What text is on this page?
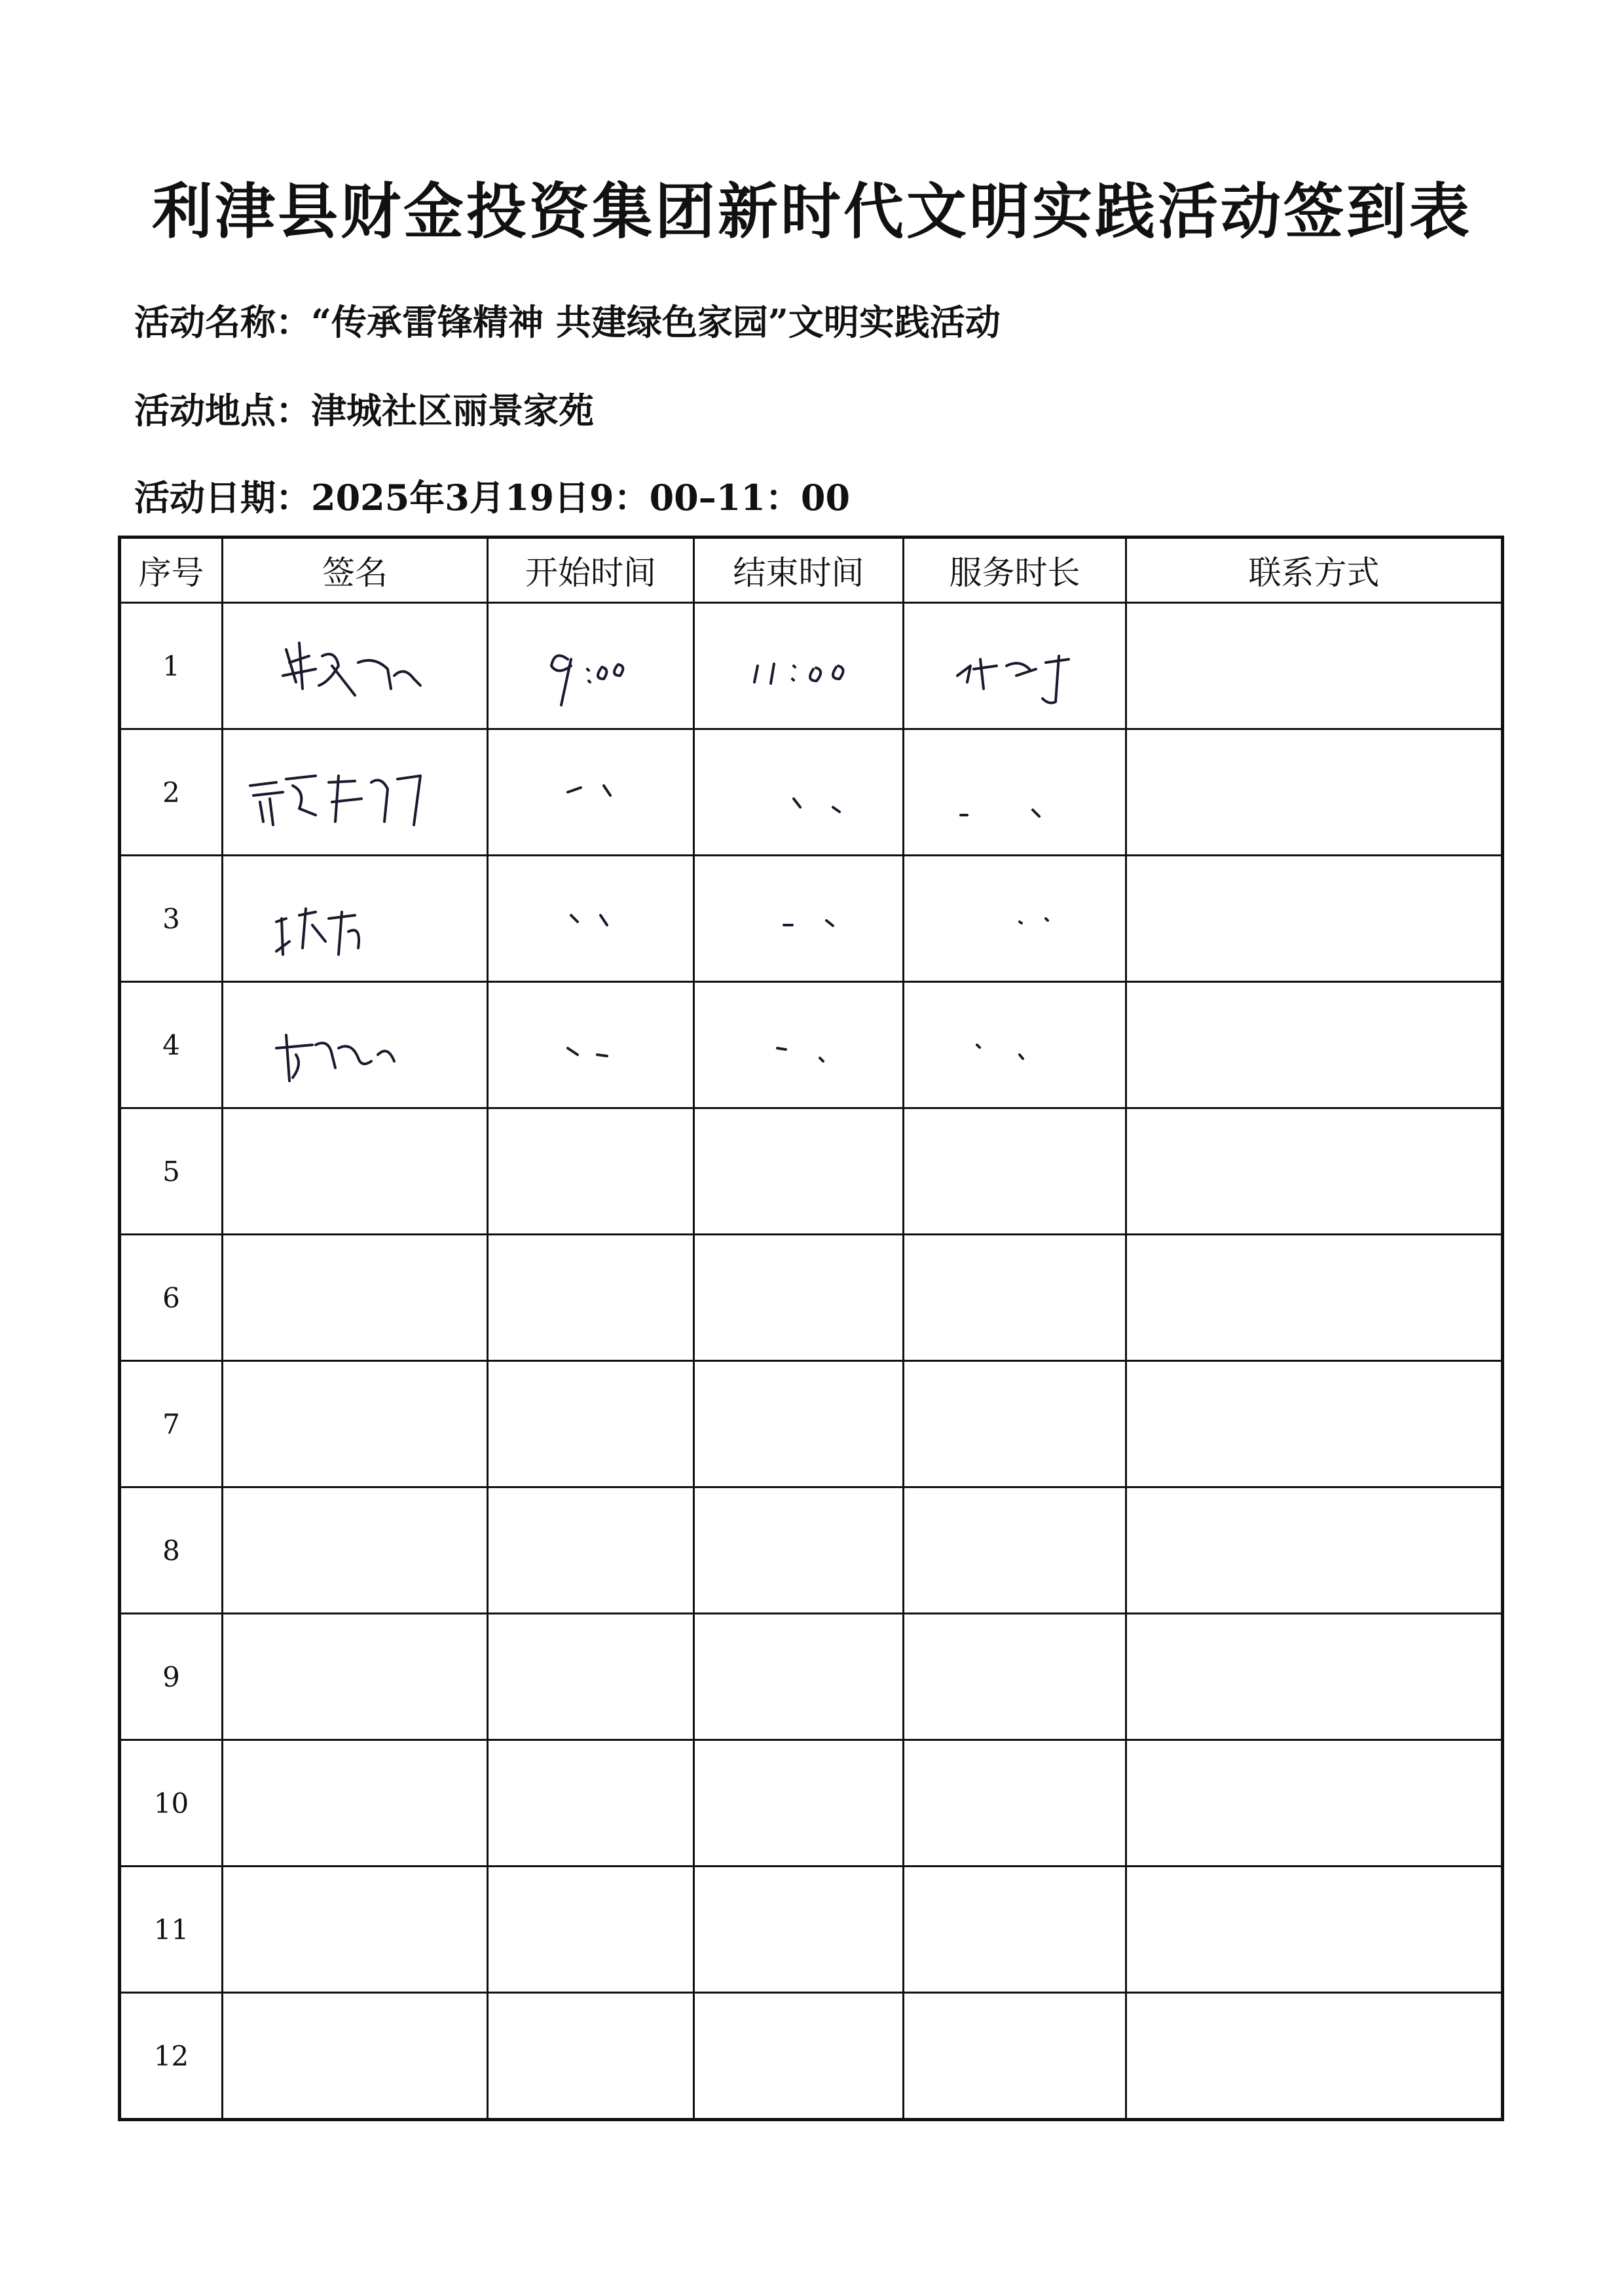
利津县财金投资集团新时代文明实践活动签到表
活动名称：“传承雷锋精神 共建绿色家园”文明实践活动
活动地点：津城社区丽景家苑
活动日期：2025年3月19日9：00–11：00
序号	签名	开始时间	结束时间	服务时长	联系方式
1	

2	

3	

4	

5					
6					
7					
8					
9					
10					
11					
12					
